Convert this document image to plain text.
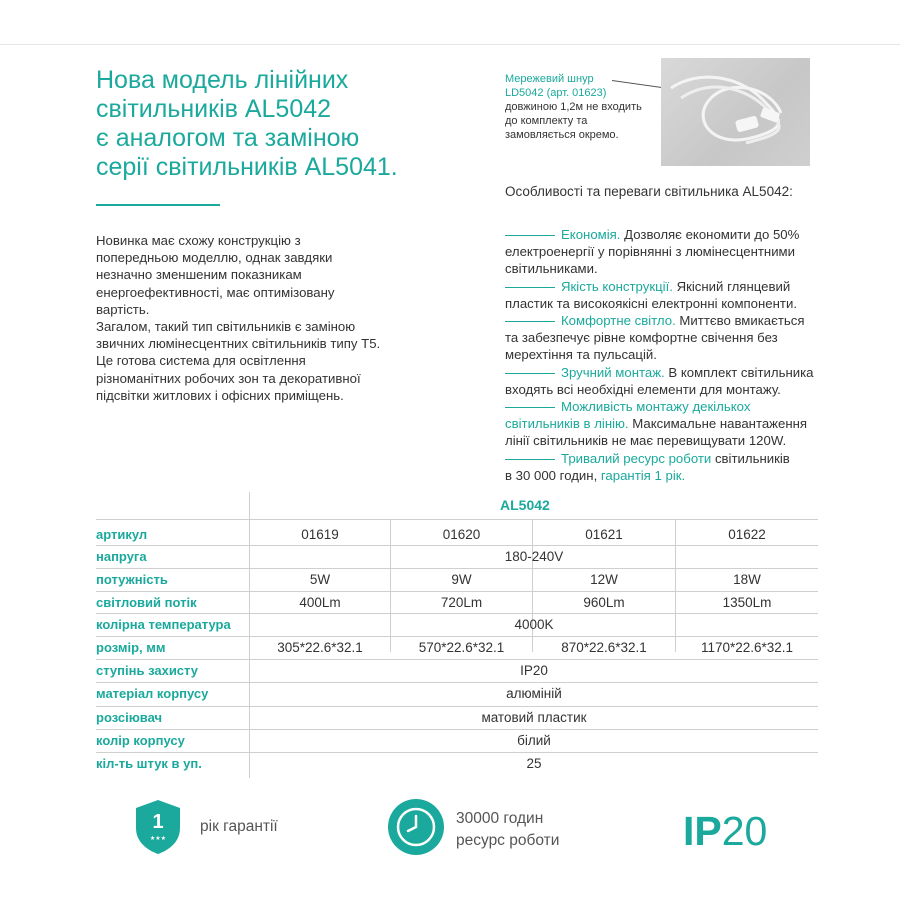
Нова модель лінійних
світильників AL5042
є аналогом та заміною
серії світильників AL5041.
Новинка має схожу конструкцію з
попередньою моделлю, однак завдяки
незначно зменшеним показникам
енергоефективності, має оптимізовану
вартість.
Загалом, такий тип світильників є заміною
звичних люмінесцентних світильників типу Т5.
Це готова система для освітлення
різноманітних робочих зон та декоративної
підсвітки житлових і офісних приміщень.
Мережевий шнур
LD5042 (арт. 01623)
довжиною 1,2м не входить
до комплекту та
замовляється окремо.
Особливості та переваги світильника AL5042:
Економія. Дозволяє економити до 50%
електроенергії у порівнянні з люмінесцентними
світильниками.
Якість конструкції. Якісний глянцевий
пластик та високоякісні електронні компоненти.
Комфортне світло. Миттєво вмикається
та забезпечує рівне комфортне свічення без
мерехтіння та пульсацій.
Зручний монтаж. В комплект світильника
входять всі необхідні елементи для монтажу.
Можливість монтажу декількох
світильників в лінію. Максимальне навантаження
лінії світильників не має перевищувати 120W.
Тривалий ресурс роботи світильників
в 30 000 годин, гарантія 1 рік.
AL5042
артикул	01619	01620	01621	01622
напруга	180-240V
потужність	5W	9W	12W	18W
світловий потік	400Lm	720Lm	960Lm	1350Lm
колірна температура	4000K
розмір, мм	305*22.6*32.1	570*22.6*32.1	870*22.6*32.1	1170*22.6*32.1
ступінь захисту	IP20
матеріал корпусу	алюміній
розсіювач	матовий пластик
колір корпусу	білий
кіл-ть штук в уп.	25
1
★★★
рік гарантії	30000 годин
ресурс роботи	IP20
